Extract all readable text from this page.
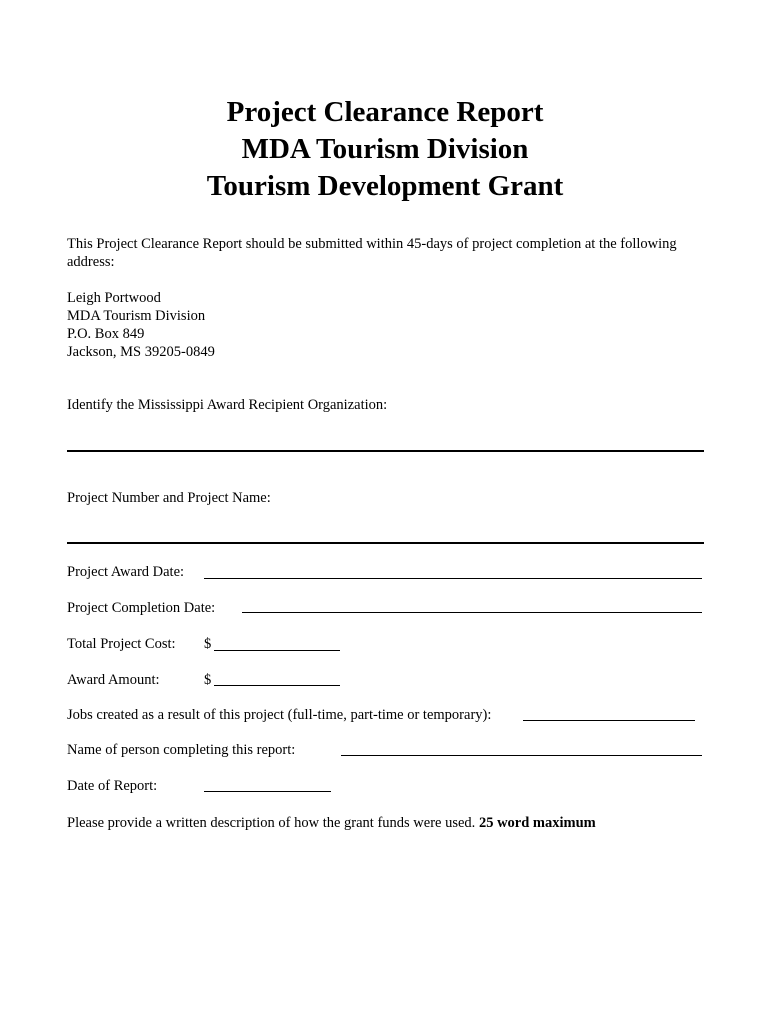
Project Clearance Report
MDA Tourism Division
Tourism Development Grant
This Project Clearance Report should be submitted within 45-days of project completion at the following address:
Leigh Portwood
MDA Tourism Division
P.O. Box 849
Jackson, MS 39205-0849
Identify the Mississippi Award Recipient Organization:
Project Number and Project Name:
Project Award Date:
Project Completion Date:
Total Project Cost: $
Award Amount:	$
Jobs created as a result of this project (full-time, part-time or temporary):
Name of person completing this report:
Date of Report:
Please provide a written description of how the grant funds were used. 25 word maximum
